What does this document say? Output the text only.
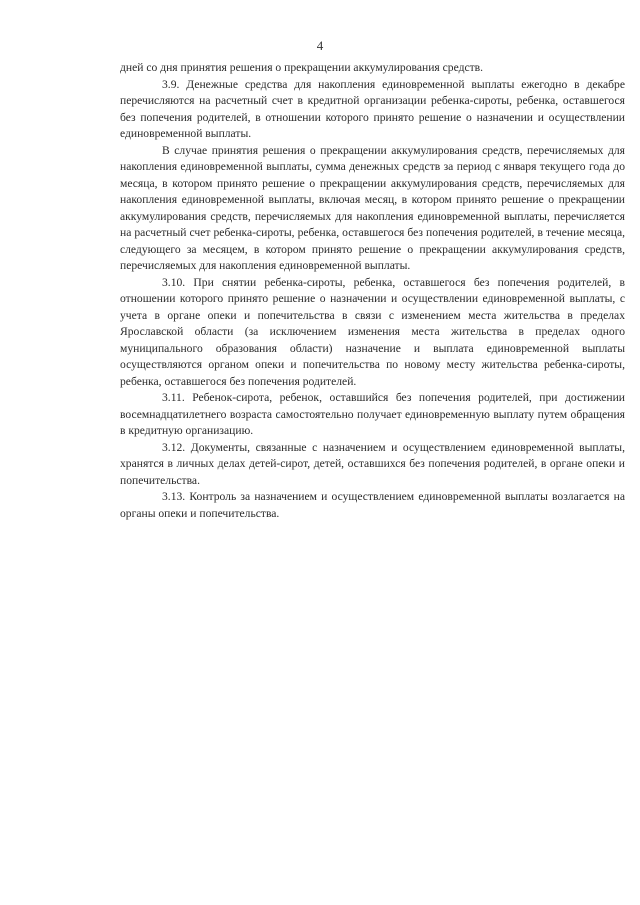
4

дней со дня принятия решения о прекращении аккумулирования средств.

3.9. Денежные средства для накопления единовременной выплаты ежегодно в декабре перечисляются на расчетный счет в кредитной организации ребенка-сироты, ребенка, оставшегося без попечения родителей, в отношении которого принято решение о назначении и осуществлении единовременной выплаты.

В случае принятия решения о прекращении аккумулирования средств, перечисляемых для накопления единовременной выплаты, сумма денежных средств за период с января текущего года до месяца, в котором принято решение о прекращении аккумулирования средств, перечисляемых для накопления единовременной выплаты, включая месяц, в котором принято решение о прекращении аккумулирования средств, перечисляемых для накопления единовременной выплаты, перечисляется на расчетный счет ребенка-сироты, ребенка, оставшегося без попечения родителей, в течение месяца, следующего за месяцем, в котором принято решение о прекращении аккумулирования средств, перечисляемых для накопления единовременной выплаты.

3.10. При снятии ребенка-сироты, ребенка, оставшегося без попечения родителей, в отношении которого принято решение о назначении и осуществлении единовременной выплаты, с учета в органе опеки и попечительства в связи с изменением места жительства в пределах Ярославской области (за исключением изменения места жительства в пределах одного муниципального образования области) назначение и выплата единовременной выплаты осуществляются органом опеки и попечительства по новому месту жительства ребенка-сироты, ребенка, оставшегося без попечения родителей.

3.11. Ребенок-сирота, ребенок, оставшийся без попечения родителей, при достижении восемнадцатилетнего возраста самостоятельно получает единовременную выплату путем обращения в кредитную организацию.

3.12. Документы, связанные с назначением и осуществлением единовременной выплаты, хранятся в личных делах детей-сирот, детей, оставшихся без попечения родителей, в органе опеки и попечительства.

3.13. Контроль за назначением и осуществлением единовременной выплаты возлагается на органы опеки и попечительства.
